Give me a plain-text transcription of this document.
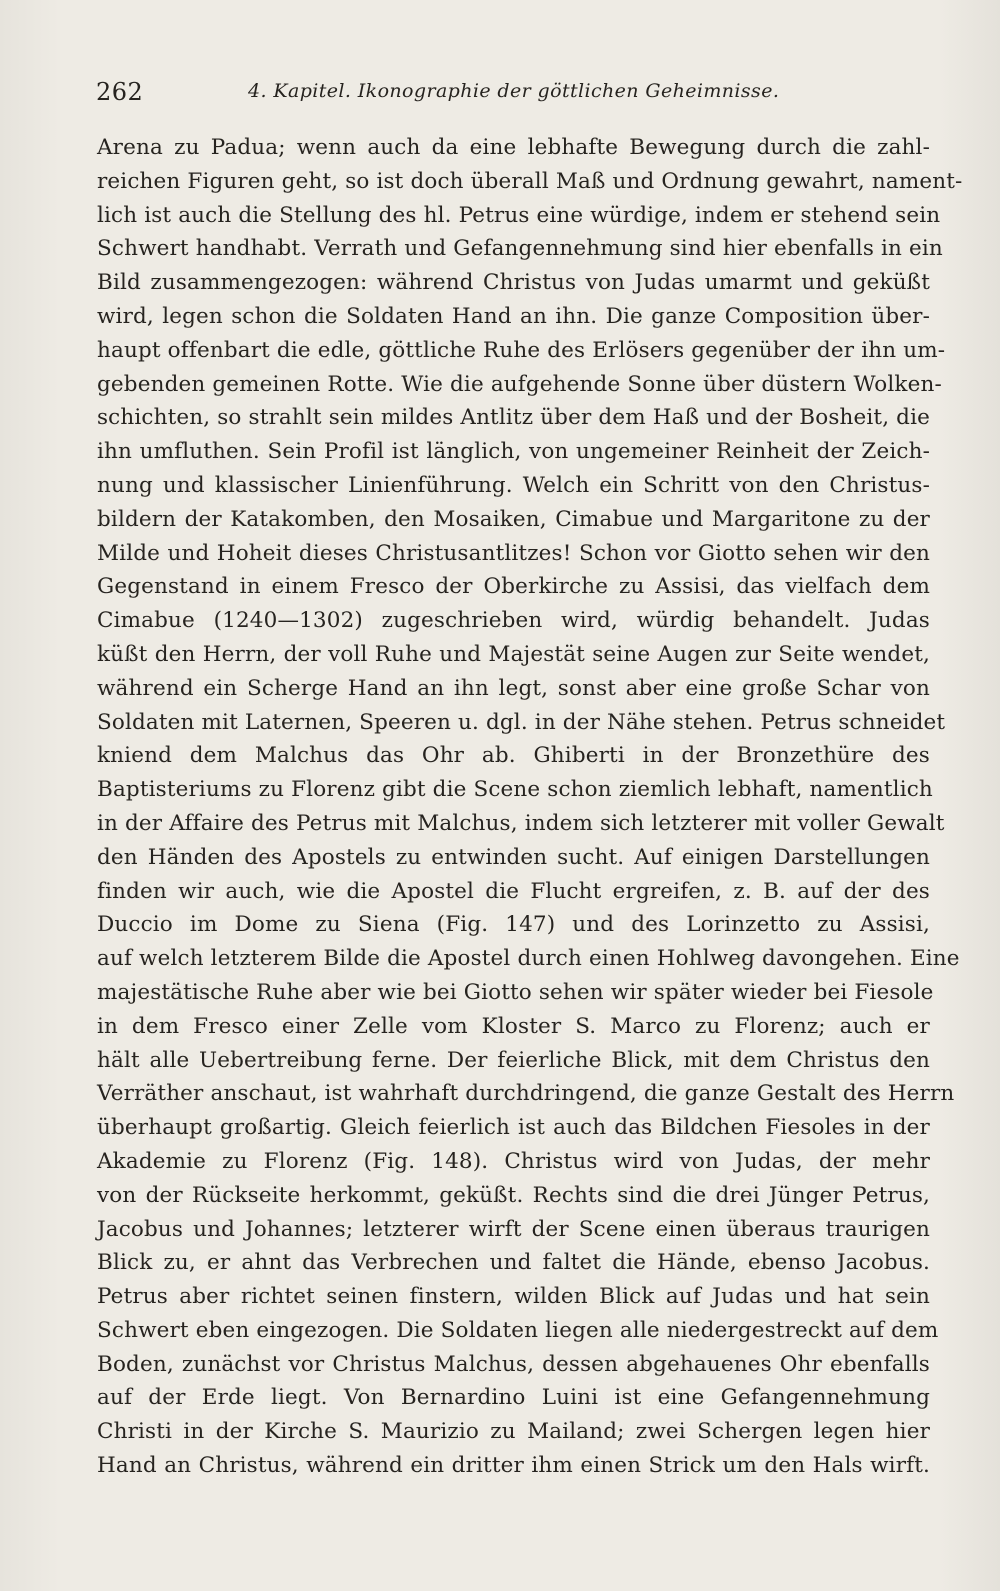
262	4. Kapitel. Ikonographie der göttlichen Geheimnisse.
Arena zu Padua; wenn auch da eine lebhafte Bewegung durch die zahl-
reichen Figuren geht, so ist doch überall Maß und Ordnung gewahrt, nament-
lich ist auch die Stellung des hl. Petrus eine würdige, indem er stehend sein
Schwert handhabt. Verrath und Gefangennehmung sind hier ebenfalls in ein
Bild zusammengezogen: während Christus von Judas umarmt und geküßt
wird, legen schon die Soldaten Hand an ihn. Die ganze Composition über-
haupt offenbart die edle, göttliche Ruhe des Erlösers gegenüber der ihn um-
gebenden gemeinen Rotte. Wie die aufgehende Sonne über düstern Wolken-
schichten, so strahlt sein mildes Antlitz über dem Haß und der Bosheit, die
ihn umfluthen. Sein Profil ist länglich, von ungemeiner Reinheit der Zeich-
nung und klassischer Linienführung. Welch ein Schritt von den Christus-
bildern der Katakomben, den Mosaiken, Cimabue und Margaritone zu der
Milde und Hoheit dieses Christusantlitzes! Schon vor Giotto sehen wir den
Gegenstand in einem Fresco der Oberkirche zu Assisi, das vielfach dem
Cimabue (1240—1302) zugeschrieben wird, würdig behandelt. Judas
küßt den Herrn, der voll Ruhe und Majestät seine Augen zur Seite wendet,
während ein Scherge Hand an ihn legt, sonst aber eine große Schar von
Soldaten mit Laternen, Speeren u. dgl. in der Nähe stehen. Petrus schneidet
kniend dem Malchus das Ohr ab. Ghiberti in der Bronzethüre des
Baptisteriums zu Florenz gibt die Scene schon ziemlich lebhaft, namentlich
in der Affaire des Petrus mit Malchus, indem sich letzterer mit voller Gewalt
den Händen des Apostels zu entwinden sucht. Auf einigen Darstellungen
finden wir auch, wie die Apostel die Flucht ergreifen, z. B. auf der des
Duccio im Dome zu Siena (Fig. 147) und des Lorinzetto zu Assisi,
auf welch letzterem Bilde die Apostel durch einen Hohlweg davongehen. Eine
majestätische Ruhe aber wie bei Giotto sehen wir später wieder bei Fiesole
in dem Fresco einer Zelle vom Kloster S. Marco zu Florenz; auch er
hält alle Uebertreibung ferne. Der feierliche Blick, mit dem Christus den
Verräther anschaut, ist wahrhaft durchdringend, die ganze Gestalt des Herrn
überhaupt großartig. Gleich feierlich ist auch das Bildchen Fiesoles in der
Akademie zu Florenz (Fig. 148). Christus wird von Judas, der mehr
von der Rückseite herkommt, geküßt. Rechts sind die drei Jünger Petrus,
Jacobus und Johannes; letzterer wirft der Scene einen überaus traurigen
Blick zu, er ahnt das Verbrechen und faltet die Hände, ebenso Jacobus.
Petrus aber richtet seinen finstern, wilden Blick auf Judas und hat sein
Schwert eben eingezogen. Die Soldaten liegen alle niedergestreckt auf dem
Boden, zunächst vor Christus Malchus, dessen abgehauenes Ohr ebenfalls
auf der Erde liegt. Von Bernardino Luini ist eine Gefangennehmung
Christi in der Kirche S. Maurizio zu Mailand; zwei Schergen legen hier
Hand an Christus, während ein dritter ihm einen Strick um den Hals wirft.
